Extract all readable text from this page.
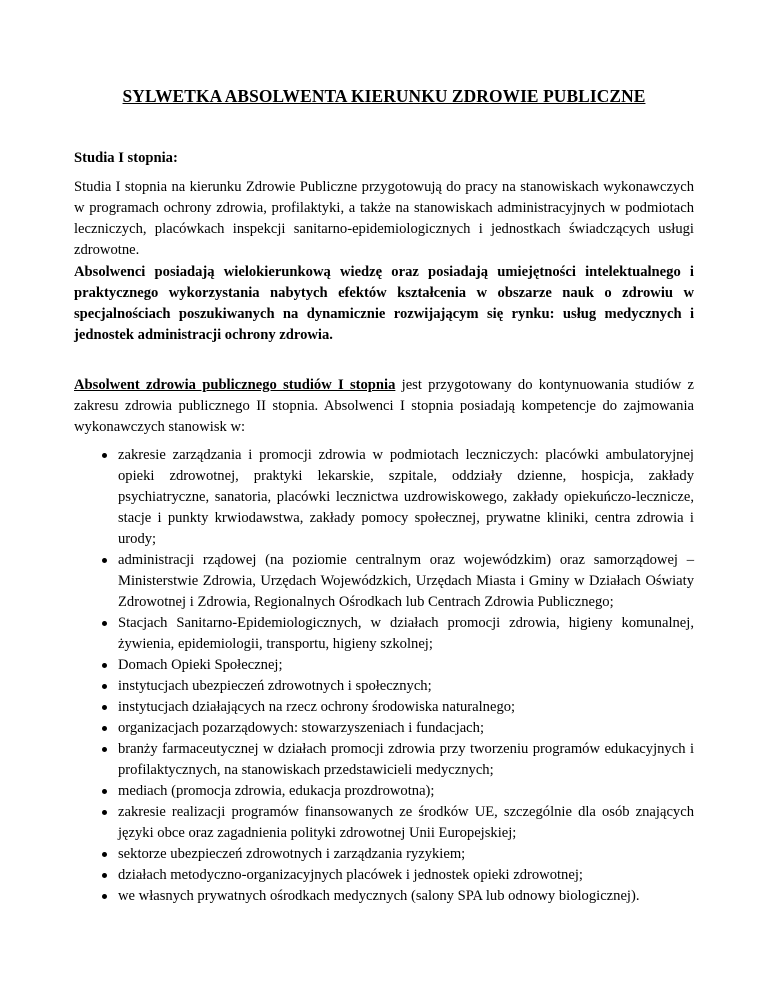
SYLWETKA ABSOLWENTA KIERUNKU ZDROWIE PUBLICZNE
Studia I stopnia:

Studia I stopnia na kierunku Zdrowie Publiczne przygotowują do pracy na stanowiskach wykonawczych w programach ochrony zdrowia, profilaktyki, a także na stanowiskach administracyjnych w podmiotach leczniczych, placówkach inspekcji sanitarno-epidemiologicznych i jednostkach świadczących usługi zdrowotne.

Absolwenci posiadają wielokierunkową wiedzę oraz posiadają umiejętności intelektualnego i praktycznego wykorzystania nabytych efektów kształcenia w obszarze nauk o zdrowiu w specjalnościach poszukiwanych na dynamicznie rozwijającym się rynku: usług medycznych i jednostek administracji ochrony zdrowia.

Absolwent zdrowia publicznego studiów I stopnia jest przygotowany do kontynuowania studiów z zakresu zdrowia publicznego II stopnia. Absolwenci I stopnia posiadają kompetencje do zajmowania wykonawczych stanowisk w:

zakresie zarządzania i promocji zdrowia w podmiotach leczniczych: placówki ambulatoryjnej opieki zdrowotnej, praktyki lekarskie, szpitale, oddziały dzienne, hospicja, zakłady psychiatryczne, sanatoria, placówki lecznictwa uzdrowiskowego, zakłady opiekuńczo-lecznicze, stacje i punkty krwiodawstwa, zakłady pomocy społecznej, prywatne kliniki, centra zdrowia i urody;
administracji rządowej (na poziomie centralnym oraz wojewódzkim) oraz samorządowej – Ministerstwie Zdrowia, Urzędach Wojewódzkich, Urzędach Miasta i Gminy w Działach Oświaty Zdrowotnej i Zdrowia, Regionalnych Ośrodkach lub Centrach Zdrowia Publicznego;
Stacjach Sanitarno-Epidemiologicznych, w działach promocji zdrowia, higieny komunalnej, żywienia, epidemiologii, transportu, higieny szkolnej;
Domach Opieki Społecznej;
instytucjach ubezpieczeń zdrowotnych i społecznych;
instytucjach działających na rzecz ochrony środowiska naturalnego;
organizacjach pozarządowych: stowarzyszeniach i fundacjach;
branży farmaceutycznej w działach promocji zdrowia przy tworzeniu programów edukacyjnych i profilaktycznych, na stanowiskach przedstawicieli medycznych;
mediach (promocja zdrowia, edukacja prozdrowotna);
zakresie realizacji programów finansowanych ze środków UE, szczególnie dla osób znających języki obce oraz zagadnienia polityki zdrowotnej Unii Europejskiej;
sektorze ubezpieczeń zdrowotnych i zarządzania ryzykiem;
działach metodyczno-organizacyjnych placówek i jednostek opieki zdrowotnej;
we własnych prywatnych ośrodkach medycznych (salony SPA lub odnowy biologicznej).
